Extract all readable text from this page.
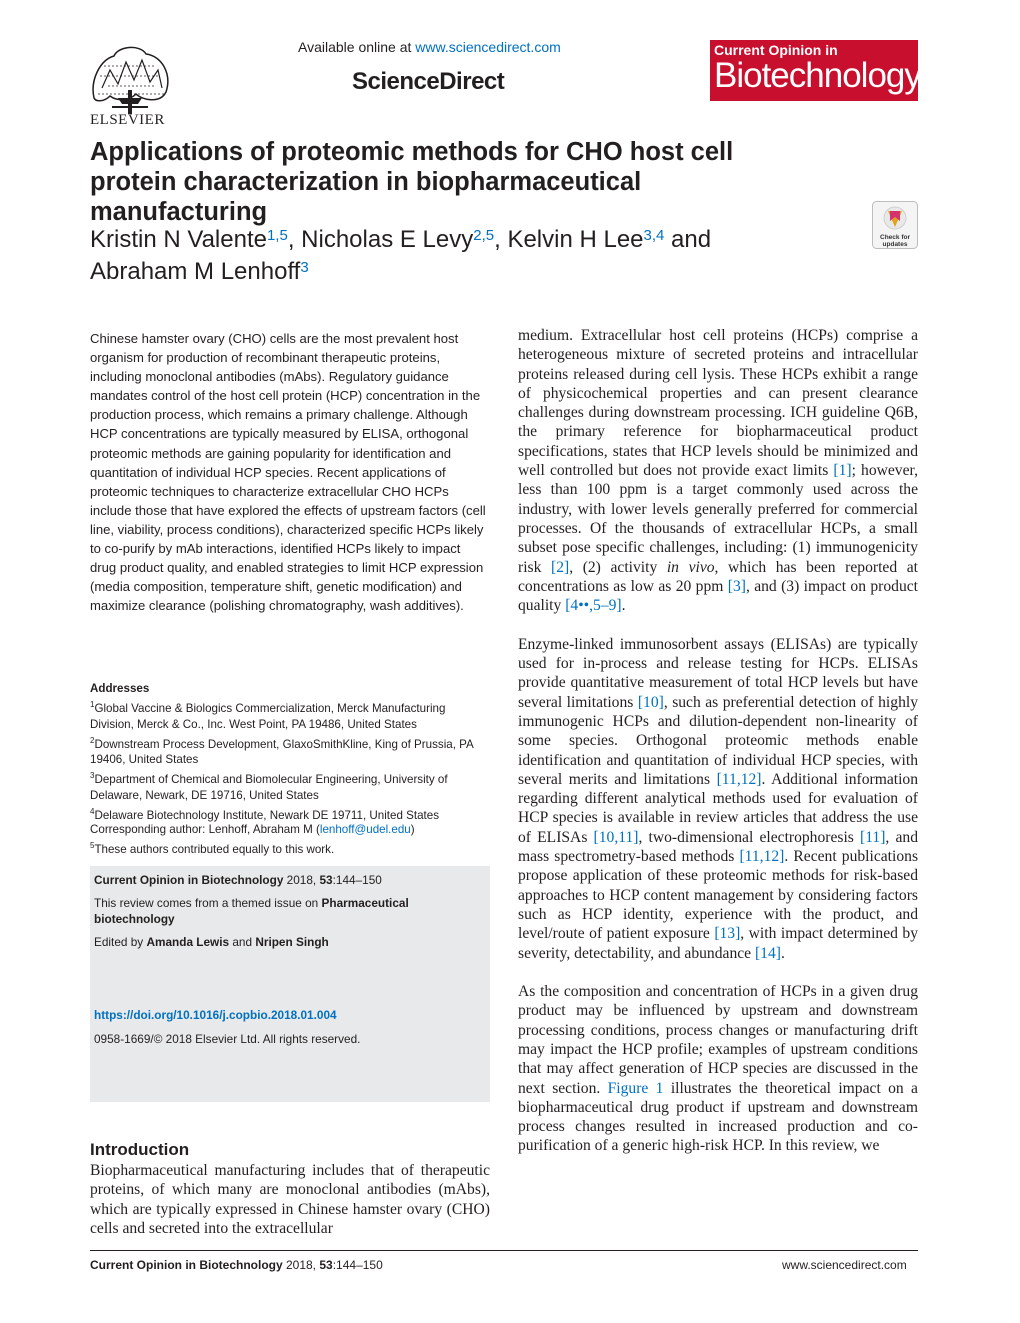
ELSEVIER
Available online at www.sciencedirect.com
ScienceDirect
Current Opinion in
Biotechnology
Applications of proteomic methods for CHO host cell protein characterization in biopharmaceutical manufacturing
Kristin N Valente$^{1,5}$, Nicholas E Levy$^{2,5}$, Kelvin H Lee$^{3,4}$ and
Abraham M Lenhoff$^3$
Check for
updates
Chinese hamster ovary (CHO) cells are the most prevalent host organism for production of recombinant therapeutic proteins, including monoclonal antibodies (mAbs). Regulatory guidance mandates control of the host cell protein (HCP) concentration in the production process, which remains a primary challenge. Although HCP concentrations are typically measured by ELISA, orthogonal proteomic methods are gaining popularity for identification and quantitation of individual HCP species. Recent applications of proteomic techniques to characterize extracellular CHO HCPs include those that have explored the effects of upstream factors (cell line, viability, process conditions), characterized specific HCPs likely to co-purify by mAb interactions, identified HCPs likely to impact drug product quality, and enabled strategies to limit HCP expression (media composition, temperature shift, genetic modification) and maximize clearance (polishing chromatography, wash additives).
Addresses
$^1$Global Vaccine & Biologics Commercialization, Merck Manufacturing Division, Merck & Co., Inc. West Point, PA 19486, United States
$^2$Downstream Process Development, GlaxoSmithKline, King of Prussia, PA 19406, United States
$^3$Department of Chemical and Biomolecular Engineering, University of Delaware, Newark, DE 19716, United States
$^4$Delaware Biotechnology Institute, Newark DE 19711, United States
Corresponding author: Lenhoff, Abraham M (lenhoff@udel.edu)
$^5$These authors contributed equally to this work.
Current Opinion in Biotechnology 2018, 53:144–150
This review comes from a themed issue on Pharmaceutical biotechnology
Edited by Amanda Lewis and Nripen Singh
https://doi.org/10.1016/j.copbio.2018.01.004
0958-1669/© 2018 Elsevier Ltd. All rights reserved.
Introduction
Biopharmaceutical manufacturing includes that of therapeutic proteins, of which many are monoclonal antibodies (mAbs), which are typically expressed in Chinese hamster ovary (CHO) cells and secreted into the extracellular

medium. Extracellular host cell proteins (HCPs) comprise a heterogeneous mixture of secreted proteins and intracellular proteins released during cell lysis. These HCPs exhibit a range of physicochemical properties and can present clearance challenges during downstream processing. ICH guideline Q6B, the primary reference for biopharmaceutical product specifications, states that HCP levels should be minimized and well controlled but does not provide exact limits [1]; however, less than 100 ppm is a target commonly used across the industry, with lower levels generally preferred for commercial processes. Of the thousands of extracellular HCPs, a small subset pose specific challenges, including: (1) immunogenicity risk [2], (2) activity in vivo, which has been reported at concentrations as low as 20 ppm [3], and (3) impact on product quality [4••,5–9].

Enzyme-linked immunosorbent assays (ELISAs) are typically used for in-process and release testing for HCPs. ELISAs provide quantitative measurement of total HCP levels but have several limitations [10], such as preferential detection of highly immunogenic HCPs and dilution-dependent non-linearity of some species. Orthogonal proteomic methods enable identification and quantitation of individual HCP species, with several merits and limitations [11,12]. Additional information regarding different analytical methods used for evaluation of HCP species is available in review articles that address the use of ELISAs [10,11], two-dimensional electrophoresis [11], and mass spectrometry-based methods [11,12]. Recent publications propose application of these proteomic methods for risk-based approaches to HCP content management by considering factors such as HCP identity, experience with the product, and level/route of patient exposure [13], with impact determined by severity, detectability, and abundance [14].

As the composition and concentration of HCPs in a given drug product may be influenced by upstream and downstream processing conditions, process changes or manufacturing drift may impact the HCP profile; examples of upstream conditions that may affect generation of HCP species are discussed in the next section. Figure 1 illustrates the theoretical impact on a biopharmaceutical drug product if upstream and downstream process changes resulted in increased production and co-purification of a generic high-risk HCP. In this review, we

Current Opinion in Biotechnology 2018, 53:144–150	www.sciencedirect.com
